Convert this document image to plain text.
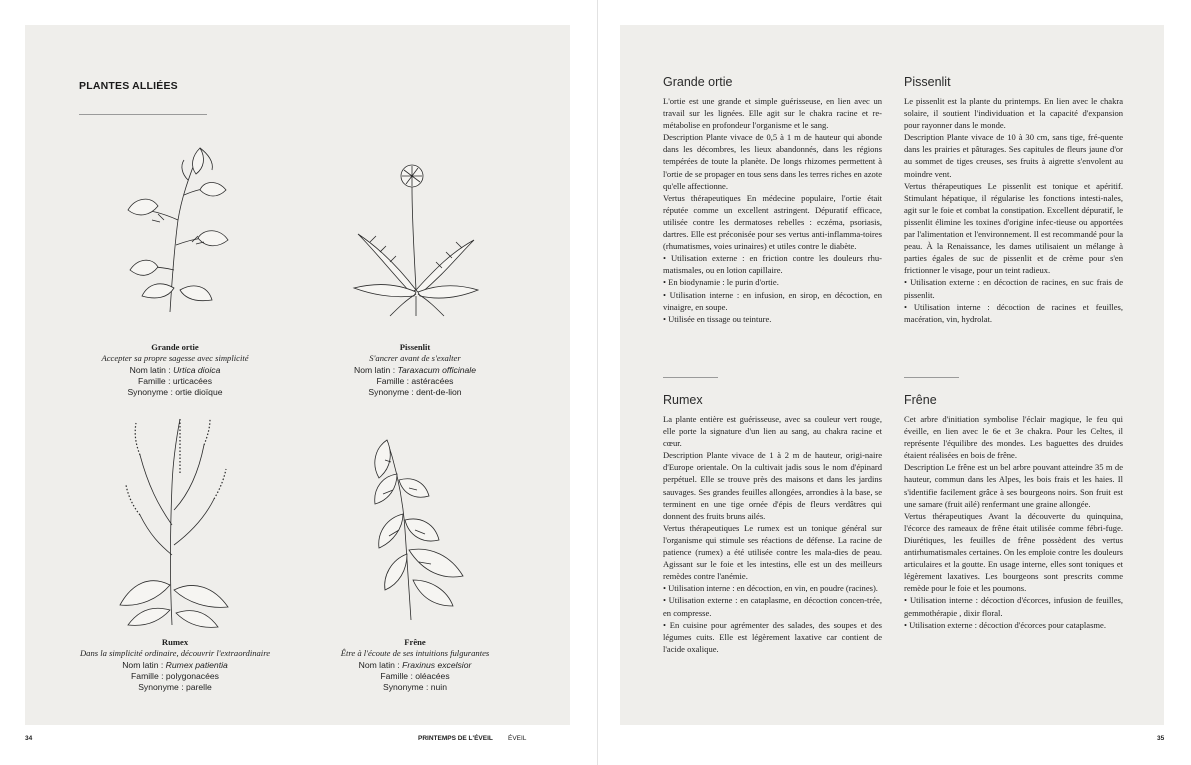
PLANTES ALLIÉES
Grande ortie
Accepter sa propre sagesse avec simplicité
Nom latin : Urtica dioica
Famille : urticacées
Synonyme : ortie dioïque
Pissenlit
S'ancrer avant de s'exalter
Nom latin : Taraxacum officinale
Famille : astéracées
Synonyme : dent-de-lion
Rumex
Dans la simplicité ordinaire, découvrir l'extraordinaire
Nom latin : Rumex patientia
Famille : polygonacées
Synonyme : parelle
Frêne
Être à l'écoute de ses intuitions fulgurantes
Nom latin : Fraxinus excelsior
Famille : oléacées
Synonyme : nuin
34	PRINTEMPS DE L'ÉVEIL ÉVEIL
Grande ortie

L'ortie est une grande et simple guérisseuse, en lien avec un travail sur les lignées. Elle agit sur le chakra racine et re-métabolise en profondeur l'organisme et le sang.

Description Plante vivace de 0,5 à 1 m de hauteur qui abonde dans les décombres, les lieux abandonnés, dans les régions tempérées de toute la planète. De longs rhizomes permettent à l'ortie de se propager en tous sens dans les terres riches en azote qu'elle affectionne.

Vertus thérapeutiques En médecine populaire, l'ortie était réputée comme un excellent astringent. Dépuratif efficace, utilisée contre les dermatoses rebelles : eczéma, psoriasis, dartres. Elle est préconisée pour ses vertus anti-inflamma-toires (rhumatismes, voies urinaires) et utiles contre le diabète.

• Utilisation externe : en friction contre les douleurs rhu-matismales, ou en lotion capillaire.

• En biodynamie : le purin d'ortie.

• Utilisation interne : en infusion, en sirop, en décoction, en vinaigre, en soupe.

• Utilisée en tissage ou teinture.

Pissenlit

Le pissenlit est la plante du printemps. En lien avec le chakra solaire, il soutient l'individuation et la capacité d'expansion pour rayonner dans le monde.

Description Plante vivace de 10 à 30 cm, sans tige, fré-quente dans les prairies et pâturages. Ses capitules de fleurs jaune d'or au sommet de tiges creuses, ses fruits à aigrette s'envolent au moindre vent.

Vertus thérapeutiques Le pissenlit est tonique et apéritif. Stimulant hépatique, il régularise les fonctions intesti-nales, agit sur le foie et combat la constipation. Excellent dépuratif, le pissenlit élimine les toxines d'origine infec-tieuse ou apportées par l'alimentation et l'environnement. Il est recommandé pour la peau. À la Renaissance, les dames utilisaient un mélange à parties égales de suc de pissenlit et de crème pour s'en frictionner le visage, pour un teint radieux.

• Utilisation externe : en décoction de racines, en suc frais de pissenlit.

• Utilisation interne : décoction de racines et feuilles, macération, vin, hydrolat.

Rumex

La plante entière est guérisseuse, avec sa couleur vert rouge, elle porte la signature d'un lien au sang, au chakra racine et cœur.

Description Plante vivace de 1 à 2 m de hauteur, origi-naire d'Europe orientale. On la cultivait jadis sous le nom d'épinard perpétuel. Elle se trouve près des maisons et dans les jardins sauvages. Ses grandes feuilles allongées, arrondies à la base, se terminent en une tige ornée d'épis de fleurs verdâtres qui donnent des fruits bruns ailés.

Vertus thérapeutiques Le rumex est un tonique général sur l'organisme qui stimule ses réactions de défense. La racine de patience (rumex) a été utilisée contre les mala-dies de peau. Agissant sur le foie et les intestins, elle est un des meilleurs remèdes contre l'anémie.

• Utilisation interne : en décoction, en vin, en poudre (racines).

• Utilisation externe : en cataplasme, en décoction concen-trée, en compresse.

• En cuisine pour agrémenter des salades, des soupes et des légumes cuits. Elle est légèrement laxative car contient de l'acide oxalique.

Frêne

Cet arbre d'initiation symbolise l'éclair magique, le feu qui éveille, en lien avec le 6e et 3e chakra. Pour les Celtes, il représente l'équilibre des mondes. Les baguettes des druides étaient réalisées en bois de frêne.

Description Le frêne est un bel arbre pouvant atteindre 35 m de hauteur, commun dans les Alpes, les bois frais et les haies. Il s'identifie facilement grâce à ses bourgeons noirs. Son fruit est une samare (fruit ailé) renfermant une graine allongée.

Vertus thérapeutiques Avant la découverte du quinquina, l'écorce des rameaux de frêne était utilisée comme fébri-fuge. Diurétiques, les feuilles de frêne possèdent des vertus antirhumatismales certaines. On les emploie contre les douleurs articulaires et la goutte. En usage interne, elles sont toniques et légèrement laxatives. Les bourgeons sont prescrits comme remède pour le foie et les poumons.

• Utilisation interne : décoction d'écorces, infusion de feuilles, gemmothérapie , dixir floral.

• Utilisation externe : décoction d'écorces pour cataplasme.

35
